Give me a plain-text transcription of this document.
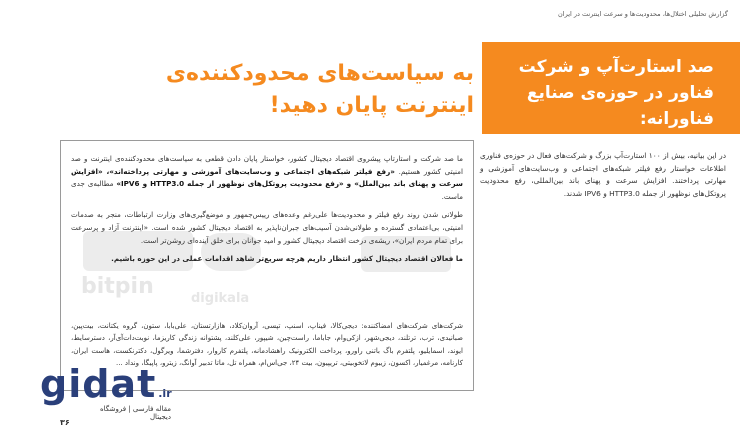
گزارش تحلیلی اختلال‌ها، محدودیت‌ها و سرعت اینترنت در ایران
صد استارت‌آپ و شرکت فناور در حوزه‌ی صنایع فناورانه:
به سیاست‌های محدودکننده‌ی اینترنت پایان دهید!
در این بیانیه، بیش از ۱۰۰ استارت‌آپ بزرگ و شرکت‌های فعال در حوزه‌ی فناوری اطلاعات خواستار رفع فیلتر شبکه‌های اجتماعی و وب‌سایت‌های آموزشی و مهارتی پرداختند. افزایش سرعت و پهنای باند بین‌المللی، رفع محدودیت پروتکل‌های نوظهور از جمله HTTP3.0 و IPV6 شدند.
digikala
bitpin

ما صد شرکت و استارتاپ پیشروی اقتصاد دیجیتال کشور، خواستار پایان دادن قطعی به سیاست‌های محدودکننده‌ی اینترنت و صد امنیتی کشور هستیم. «رفع فیلتر شبکه‌های اجتماعی و وب‌سایت‌های آموزشی و مهارتی پرداخته‌اند»، «افزایش سرعت و پهنای باند بین‌الملل» و «رفع محدودیت پروتکل‌های نوظهور از جمله HTTP3.0 و IPV6» مطالبه‌ی جدی ماست.

طولانی شدن روند رفع فیلتر و محدودیت‌ها علی‌رغم وعده‌های رییس‌جمهور و موضع‌گیری‌های وزارت ارتباطات، منجر به صدمات امنیتی، بی‌اعتمادی گسترده و طولانی‌شدن آسیب‌های جبران‌ناپذیر به اقتصاد دیجیتال کشور شده است. «اینترنت آزاد و پرسرعت برای تمام مردم ایران»، ریشه‌ی درخت اقتصاد دیجیتال کشور و امید جوانان برای خلق آینده‌ای روشن‌تر است.

ما فعالان اقتصاد دیجیتال کشور انتظار داریم هرچه سریع‌تر شاهد اقدامات عملی در این حوزه باشیم.

شرکت‌های شرکت‌های امضاکننده: دیجی‌کالا، فیناپ، اسنپ، تپسی، آروان‌کلاد، هازارتستان، علی‌بابا، ستون، گروه یکتانت، بیت‌پین، صبانیدی، ترب، ترتلند، دیجی‌شهر، ازکی‌وام، جاباما، راست‌چین، شیپور، علی‌کلند، پشتوانه زندگی کاریزما، نوبت‌دات‌آی‌آر، دسترسایط، ایوند، اسمایلیو، پلتفرم باگ باتنی راورو، پرداخت الکترونیک راهشادمانه، پلتفرم کاروار، دفترشما، ویرگول، دکترنکست، هاست ایران، کارنامه، مرغمیار، اکسون، زیبوم لاتخوبیتی، تریپیون، بیت ۲۴، جی‌اس‌ام، همراه تل، ماتا تدبیر آوانگ، زیترو، پاپیگا، ونداد ...
gidat .ir
مقاله فارسی | فروشگاه دیجیتال
۳۶
